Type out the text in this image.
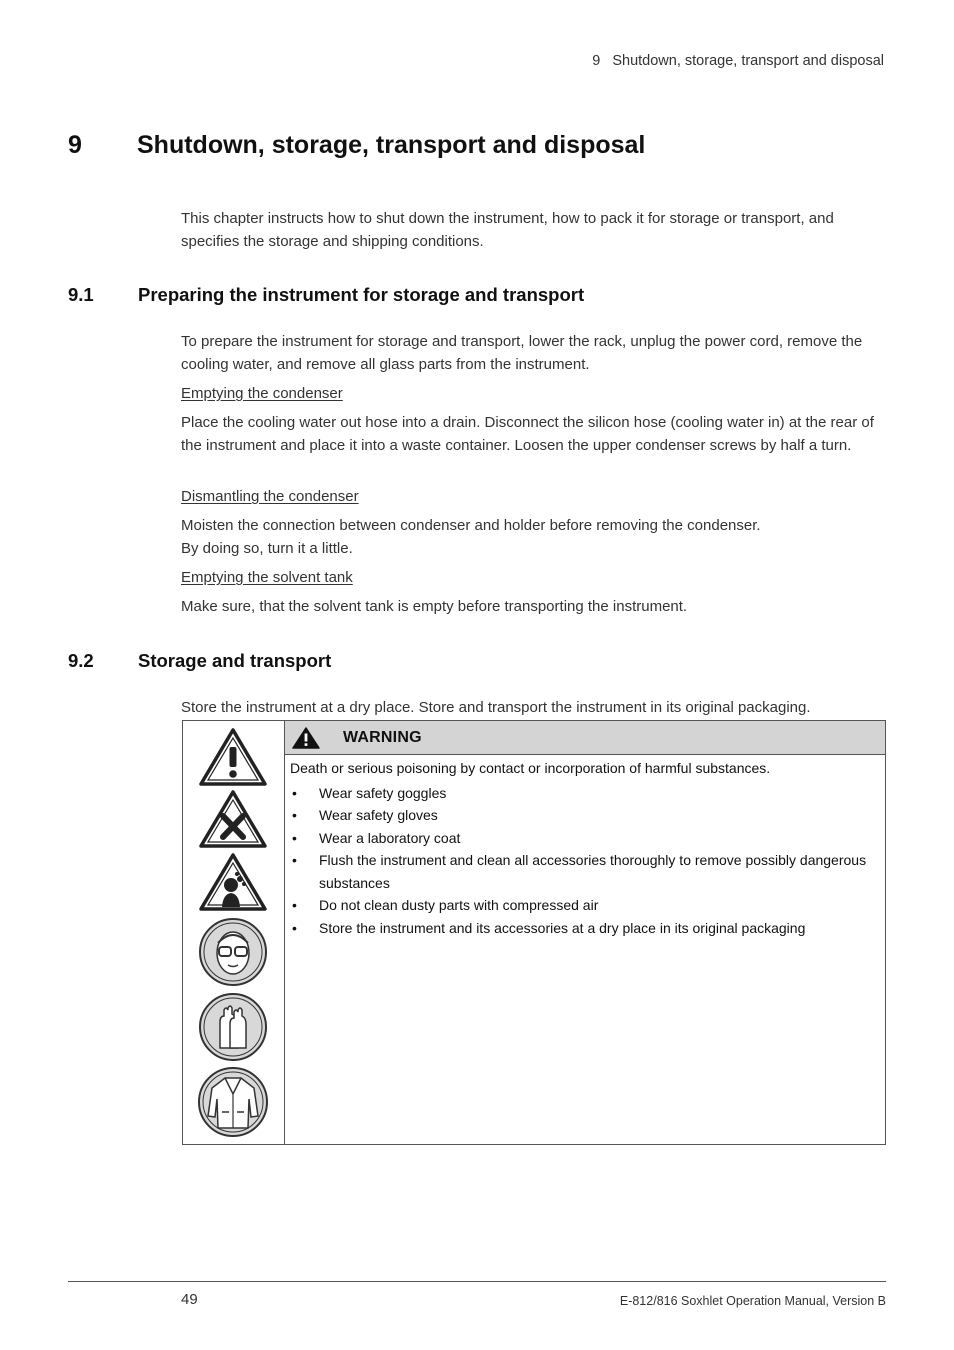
9 Shutdown, storage, transport and disposal
9 Shutdown, storage, transport and disposal
This chapter instructs how to shut down the instrument, how to pack it for storage or transport, and specifies the storage and shipping conditions.
9.1 Preparing the instrument for storage and transport
To prepare the instrument for storage and transport, lower the rack, unplug the power cord, remove the cooling water, and remove all glass parts from the instrument.
Emptying the condenser
Place the cooling water out hose into a drain. Disconnect the silicon hose (cooling water in) at the rear of the instrument and place it into a waste container. Loosen the upper condenser screws by half a turn.
Dismantling the condenser
Moisten the connection between condenser and holder before removing the condenser.
By doing so, turn it a little.
Emptying the solvent tank
Make sure, that the solvent tank is empty before transporting the instrument.
9.2 Storage and transport
Store the instrument at a dry place. Store and transport the instrument in its original packaging.
WARNING
Death or serious poisoning by contact or incorporation of harmful substances.
• Wear safety goggles
• Wear safety gloves
• Wear a laboratory coat
• Flush the instrument and clean all accessories thoroughly to remove possibly dangerous substances
• Do not clean dusty parts with compressed air
• Store the instrument and its accessories at a dry place in its original packaging
49	E-812/816 Soxhlet Operation Manual, Version B
